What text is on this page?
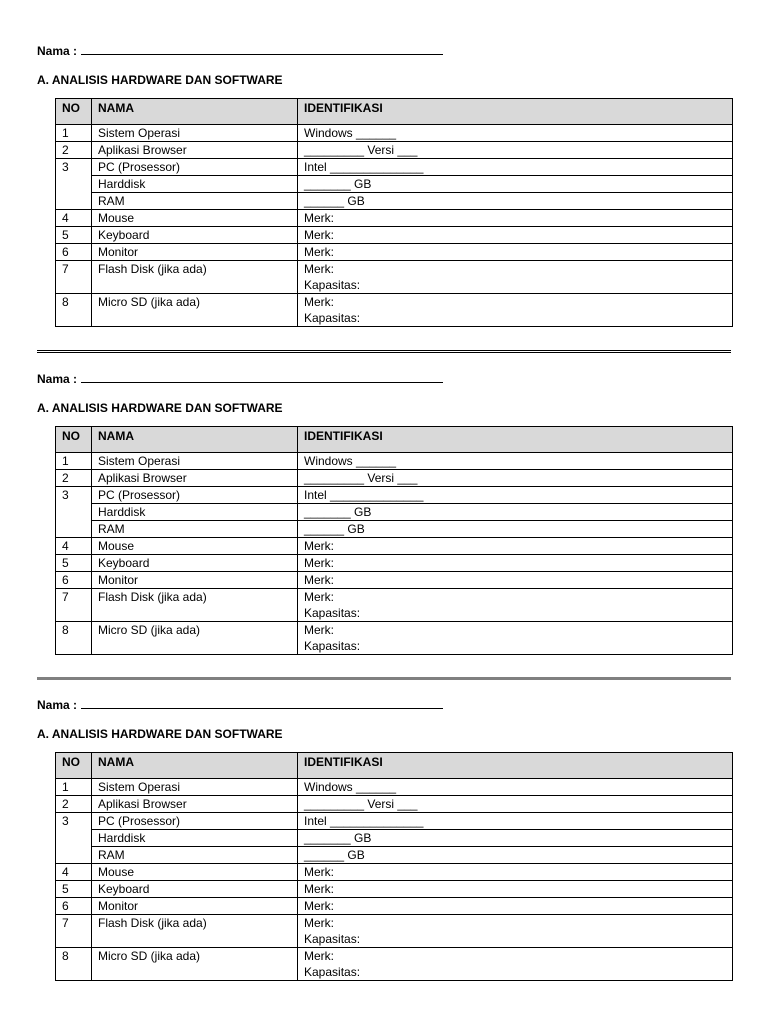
Nama :
A. ANALISIS HARDWARE DAN SOFTWARE
NO	NAMA	IDENTIFIKASI
1	Sistem Operasi	Windows ______
2	Aplikasi Browser	_________ Versi ___
3	PC (Prosessor)	Intel ______________
	Harddisk	_______ GB
	RAM	______ GB
4	Mouse	Merk:
5	Keyboard	Merk:
6	Monitor	Merk:
7	Flash Disk (jika ada)	Merk:
Kapasitas:

8	Micro SD (jika ada)	Merk:
Kapasitas:
Nama :
A. ANALISIS HARDWARE DAN SOFTWARE
NO	NAMA	IDENTIFIKASI
1	Sistem Operasi	Windows ______
2	Aplikasi Browser	_________ Versi ___
3	PC (Prosessor)	Intel ______________
	Harddisk	_______ GB
	RAM	______ GB
4	Mouse	Merk:
5	Keyboard	Merk:
6	Monitor	Merk:
7	Flash Disk (jika ada)	Merk:
Kapasitas:

8	Micro SD (jika ada)	Merk:
Kapasitas:
Nama :
A. ANALISIS HARDWARE DAN SOFTWARE
NO	NAMA	IDENTIFIKASI
1	Sistem Operasi	Windows ______
2	Aplikasi Browser	_________ Versi ___
3	PC (Prosessor)	Intel ______________
	Harddisk	_______ GB
	RAM	______ GB
4	Mouse	Merk:
5	Keyboard	Merk:
6	Monitor	Merk:
7	Flash Disk (jika ada)	Merk:
Kapasitas:

8	Micro SD (jika ada)	Merk:
Kapasitas:
